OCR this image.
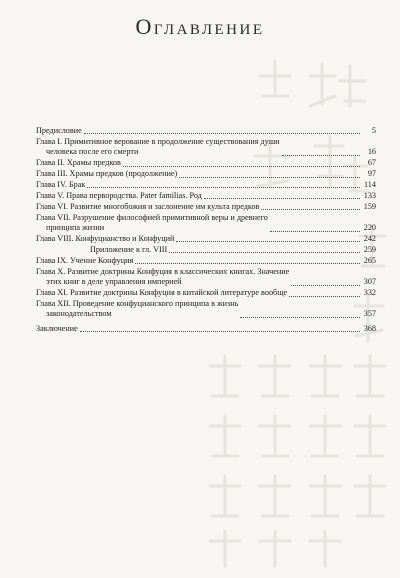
Оглавление
Предисловие	5
Глава I. Примитивное верование в продолжение существования души
человека после его смерти	16
Глава II. Храмы предков	67
Глава III. Храмы предков (продолжение)	97
Глава IV. Брак	114
Глава V. Права первородства. Pater familias. Род	133
Глава VI. Развитие многобожия и заслонение им культа предков	159
Глава VII. Разрушение философией примитивной веры и древнего
принципа жизни	220
Глава VIII. Конфуцианство и Конфуций	242
Приложение к гл. VIII	259
Глава IX. Учение Конфуция	265
Глава X. Развитие доктрины Конфуция в классических книгах. Значение
этих книг в деле управления империей	307
Глава XI. Развитие доктрины Конфуция в китайской литературе вообще	332
Глава XII. Проведение конфуцианского принципа в жизнь
законодательством	357
Заключение	368
